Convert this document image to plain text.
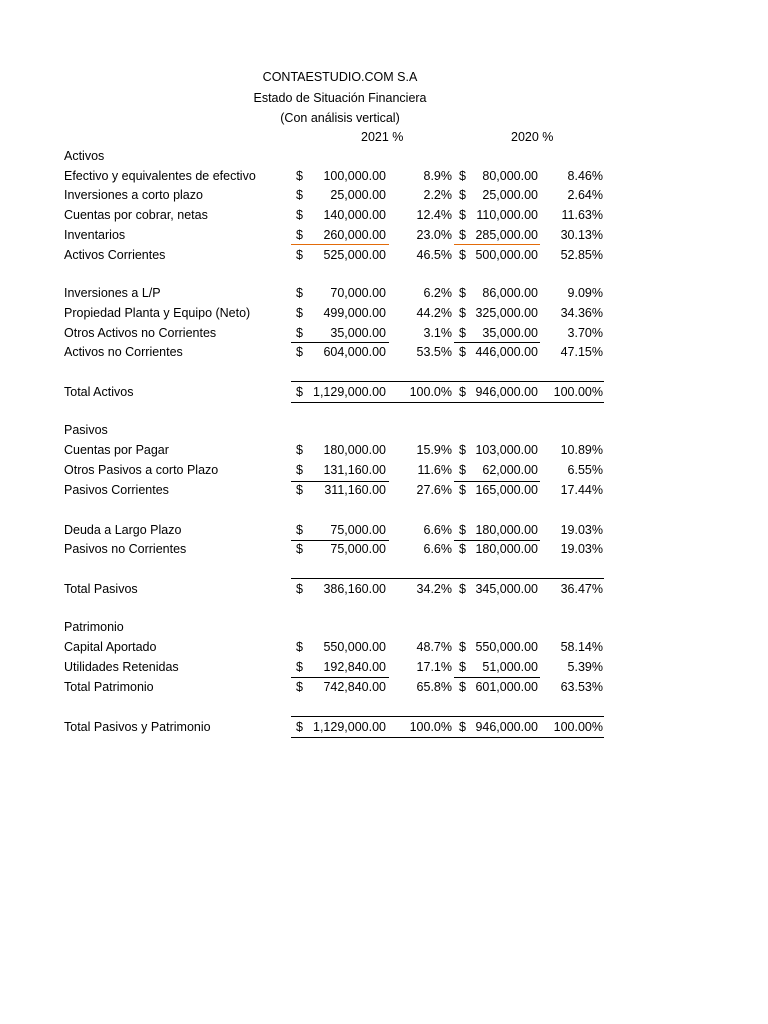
CONTAESTUDIO.COM S.A
Estado de Situación Financiera
(Con análisis vertical)
2021 %	2020 %
Activos
Efectivo y equivalentes de efectivo	$	100,000.00	8.9% $	80,000.00	8.46%
Inversiones a corto plazo	$	25,000.00	2.2% $	25,000.00	2.64%
Cuentas por cobrar, netas	$	140,000.00	12.4% $ 110,000.00	11.63%
Inventarios	$	260,000.00	23.0% $ 285,000.00	30.13%
Activos Corrientes	$	525,000.00	46.5% $ 500,000.00	52.85%
Inversiones a L/P	$	70,000.00	6.2% $	86,000.00	9.09%
Propiedad Planta y Equipo (Neto)	$	499,000.00	44.2% $ 325,000.00	34.36%
Otros Activos no Corrientes	$	35,000.00	3.1% $	35,000.00	3.70%
Activos no Corrientes	$	604,000.00	53.5% $ 446,000.00	47.15%
Total Activos	$ 1,129,000.00	100.0% $ 946,000.00	100.00%
Pasivos
Cuentas por Pagar	$	180,000.00	15.9% $ 103,000.00	10.89%
Otros Pasivos a corto Plazo	$	131,160.00	11.6% $	62,000.00	6.55%
Pasivos Corrientes	$	311,160.00	27.6% $ 165,000.00	17.44%
Deuda a Largo Plazo	$	75,000.00	6.6% $ 180,000.00	19.03%
Pasivos no Corrientes	$	75,000.00	6.6% $ 180,000.00	19.03%
Total Pasivos	$	386,160.00	34.2% $ 345,000.00	36.47%
Patrimonio
Capital Aportado	$	550,000.00	48.7% $ 550,000.00	58.14%
Utilidades Retenidas	$	192,840.00	17.1% $	51,000.00	5.39%
Total Patrimonio	$	742,840.00	65.8% $ 601,000.00	63.53%
Total Pasivos y Patrimonio	$ 1,129,000.00	100.0% $ 946,000.00	100.00%
